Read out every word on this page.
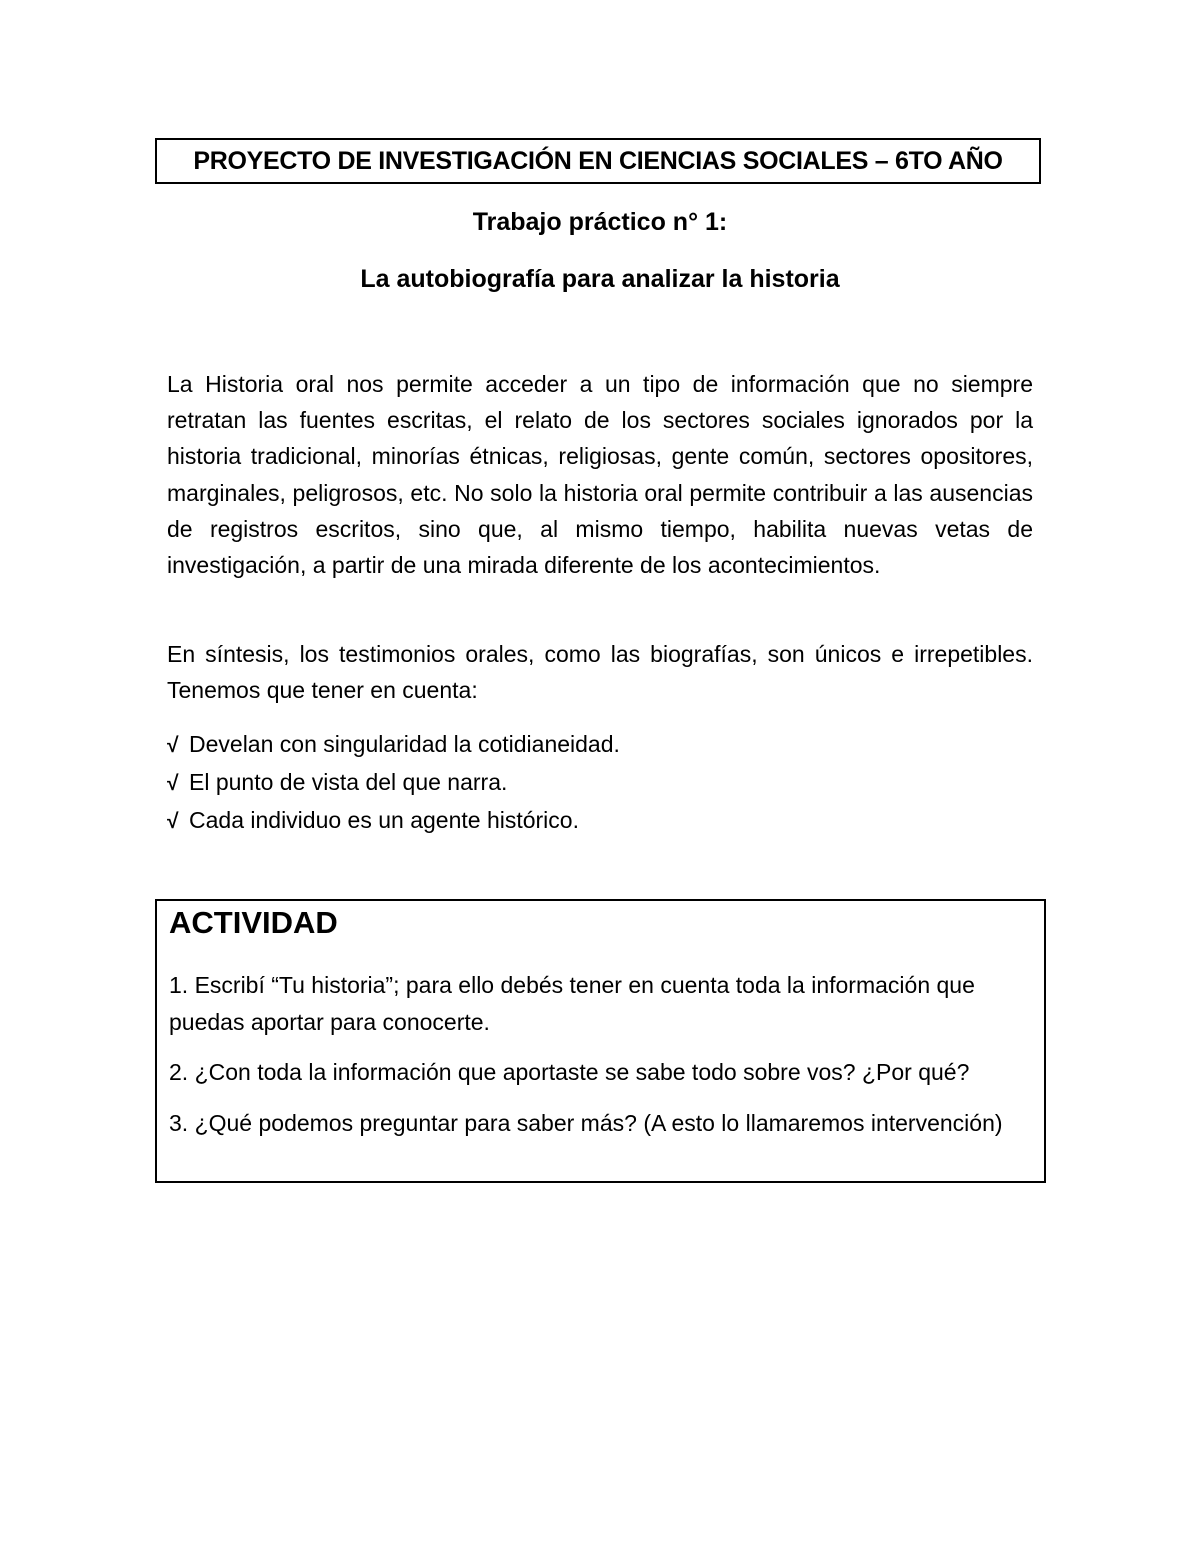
PROYECTO DE INVESTIGACIÓN EN CIENCIAS SOCIALES – 6TO AÑO
Trabajo práctico n° 1:
La autobiografía para analizar la historia

La Historia oral nos permite acceder a un tipo de información que no siempre retratan las fuentes escritas, el relato de los sectores sociales ignorados por la historia tradicional, minorías étnicas, religiosas, gente común, sectores opositores, marginales, peligrosos, etc. No solo la historia oral permite contribuir a las ausencias de registros escritos, sino que, al mismo tiempo, habilita nuevas vetas de investigación, a partir de una mirada diferente de los acontecimientos.

En síntesis, los testimonios orales, como las biografías, son únicos e irrepetibles. Tenemos que tener en cuenta:

√ Develan con singularidad la cotidianeidad.
√ El punto de vista del que narra.
√ Cada individuo es un agente histórico.
ACTIVIDAD

1. Escribí “Tu historia”; para ello debés tener en cuenta toda la información que puedas aportar para conocerte.

2. ¿Con toda la información que aportaste se sabe todo sobre vos? ¿Por qué?

3. ¿Qué podemos preguntar para saber más? (A esto lo llamaremos intervención)
